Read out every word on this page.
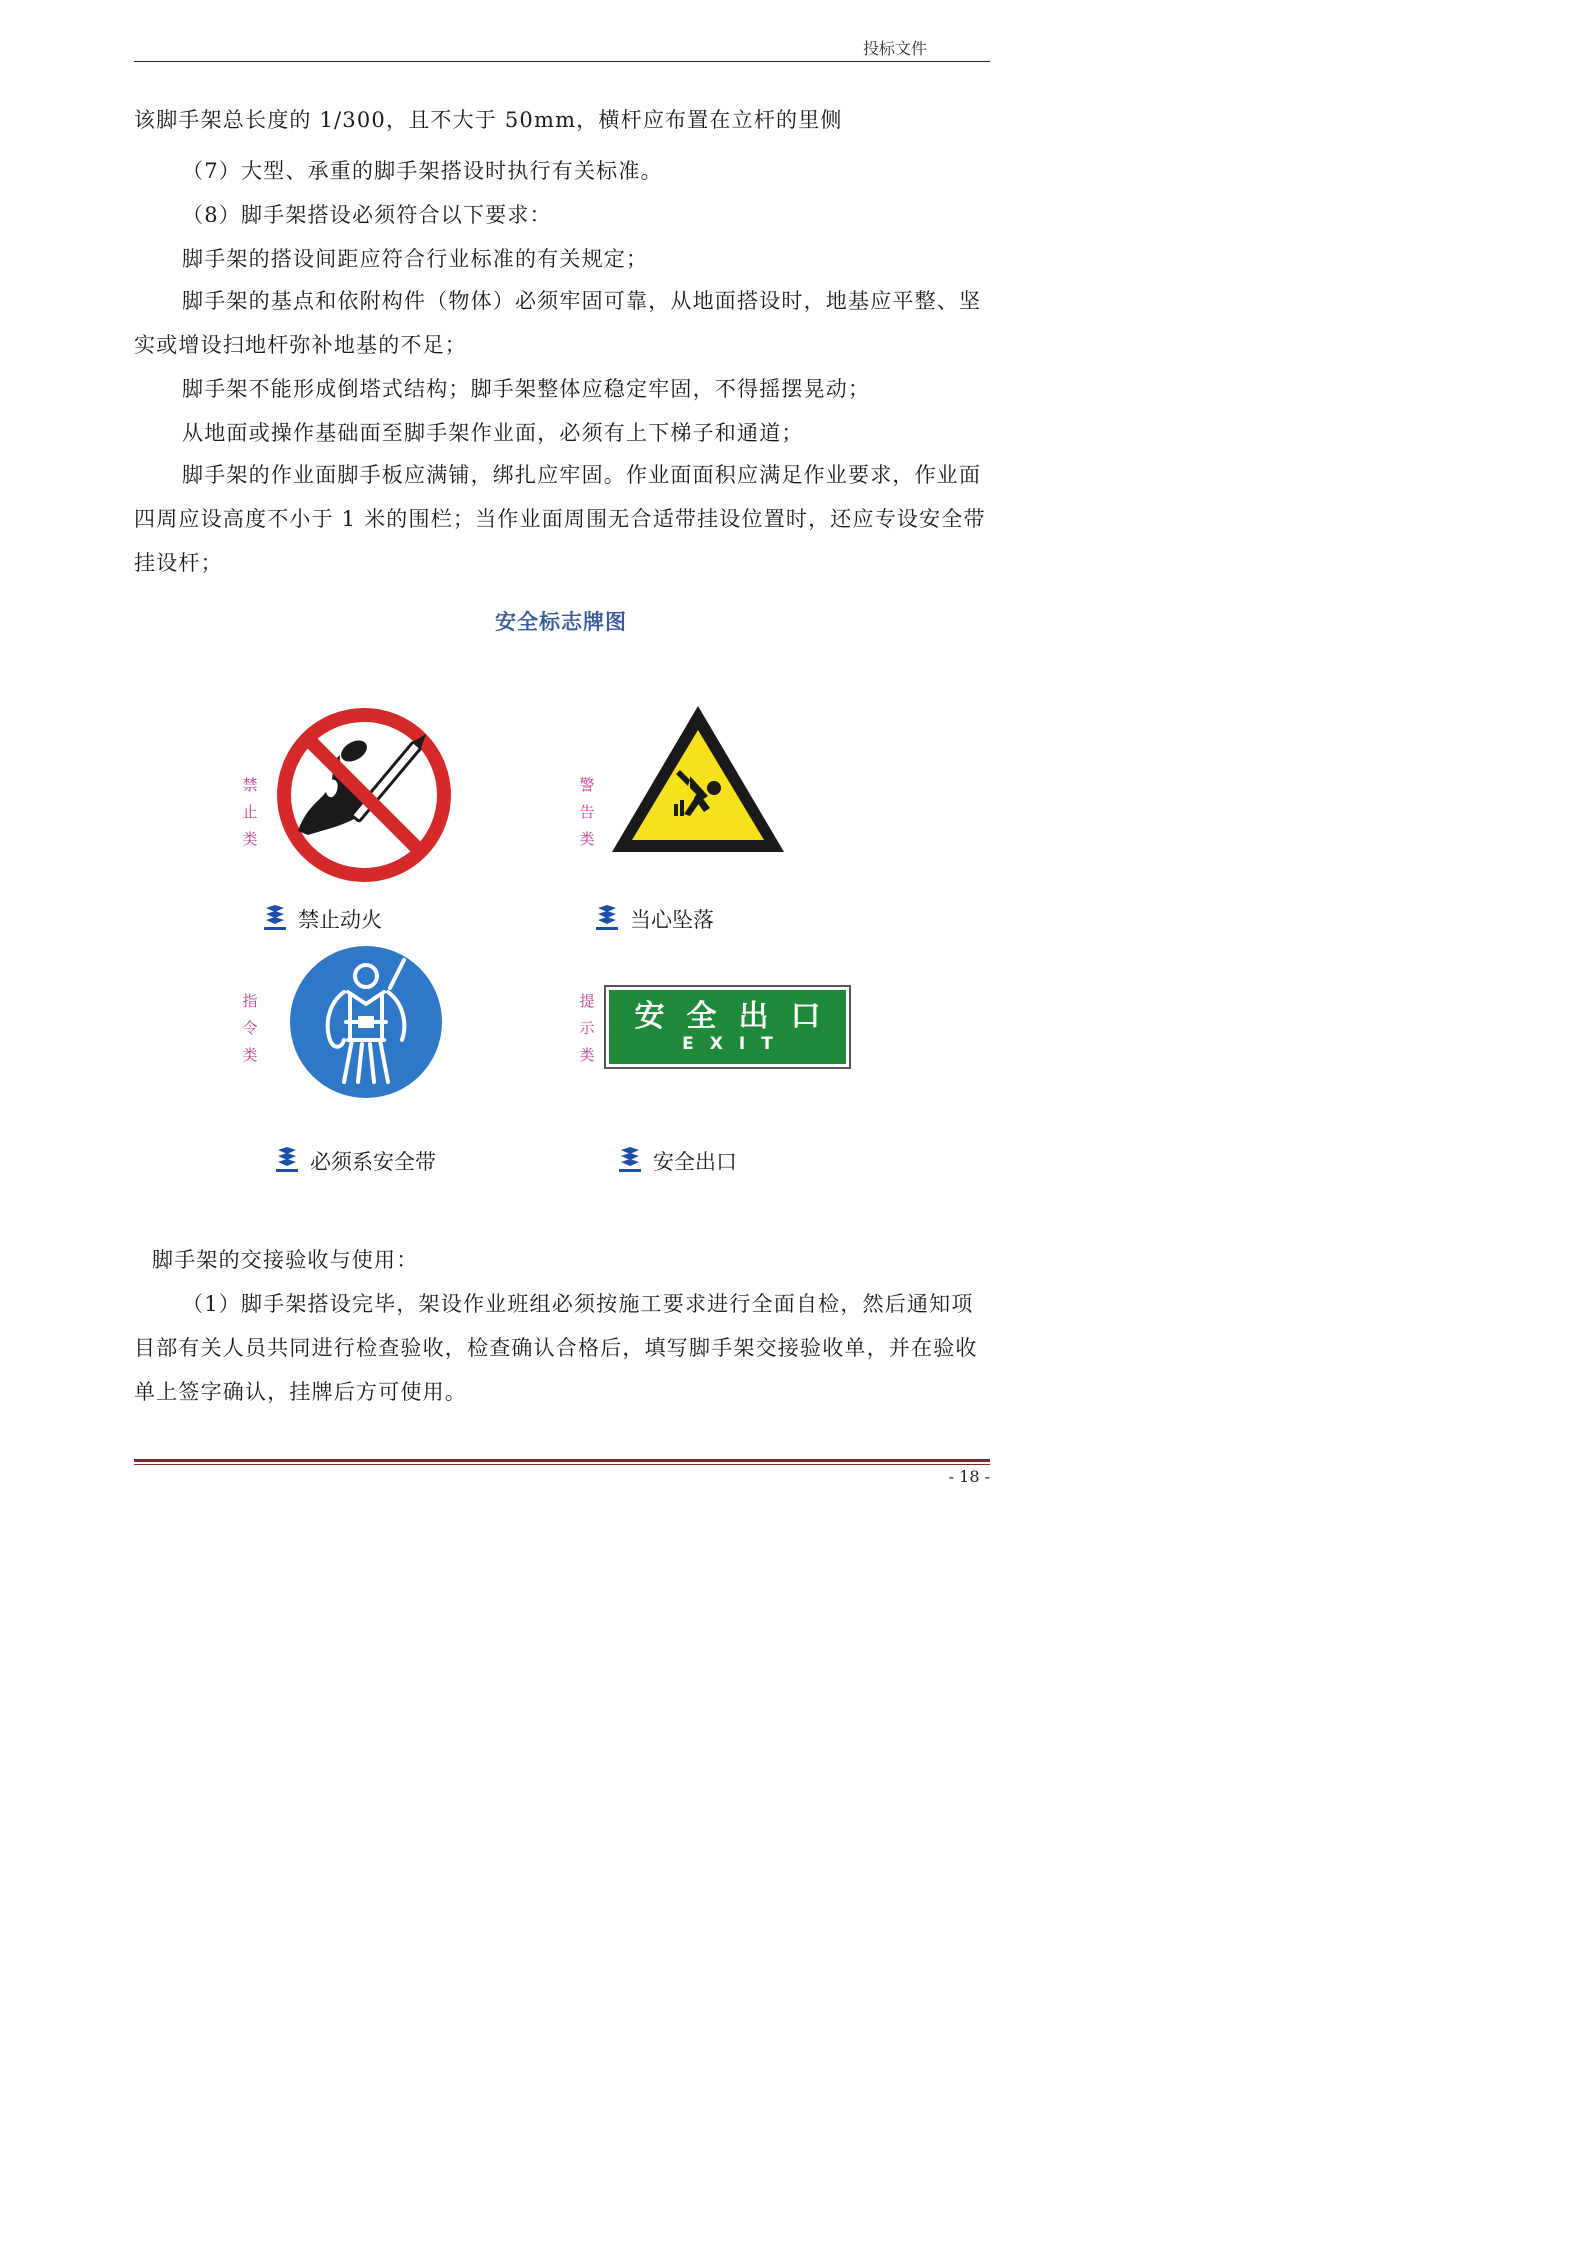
投标文件
该脚手架总长度的 1/300，且不大于 50mm，横杆应布置在立杆的里侧
（7）大型、承重的脚手架搭设时执行有关标准。
（8）脚手架搭设必须符合以下要求：
脚手架的搭设间距应符合行业标准的有关规定；

脚手架的基点和依附构件（物体）必须牢固可靠，从地面搭设时，地基应平整、坚实或增设扫地杆弥补地基的不足；

脚手架不能形成倒塔式结构；脚手架整体应稳定牢固，不得摇摆晃动；
从地面或操作基础面至脚手架作业面，必须有上下梯子和通道；

脚手架的作业面脚手板应满铺，绑扎应牢固。作业面面积应满足作业要求，作业面四周应设高度不小于 1 米的围栏；当作业面周围无合适带挂设位置时，还应专设安全带挂设杆；

安全标志牌图
禁
止
类
警
告
类
指
令
类
提
示
类
安全出口
EXIT
禁止动火	当心坠落
必须系安全带	安全出口
脚手架的交接验收与使用：

（1）脚手架搭设完毕，架设作业班组必须按施工要求进行全面自检，然后通知项目部有关人员共同进行检查验收，检查确认合格后，填写脚手架交接验收单，并在验收单上签字确认，挂牌后方可使用。

- 18 -
